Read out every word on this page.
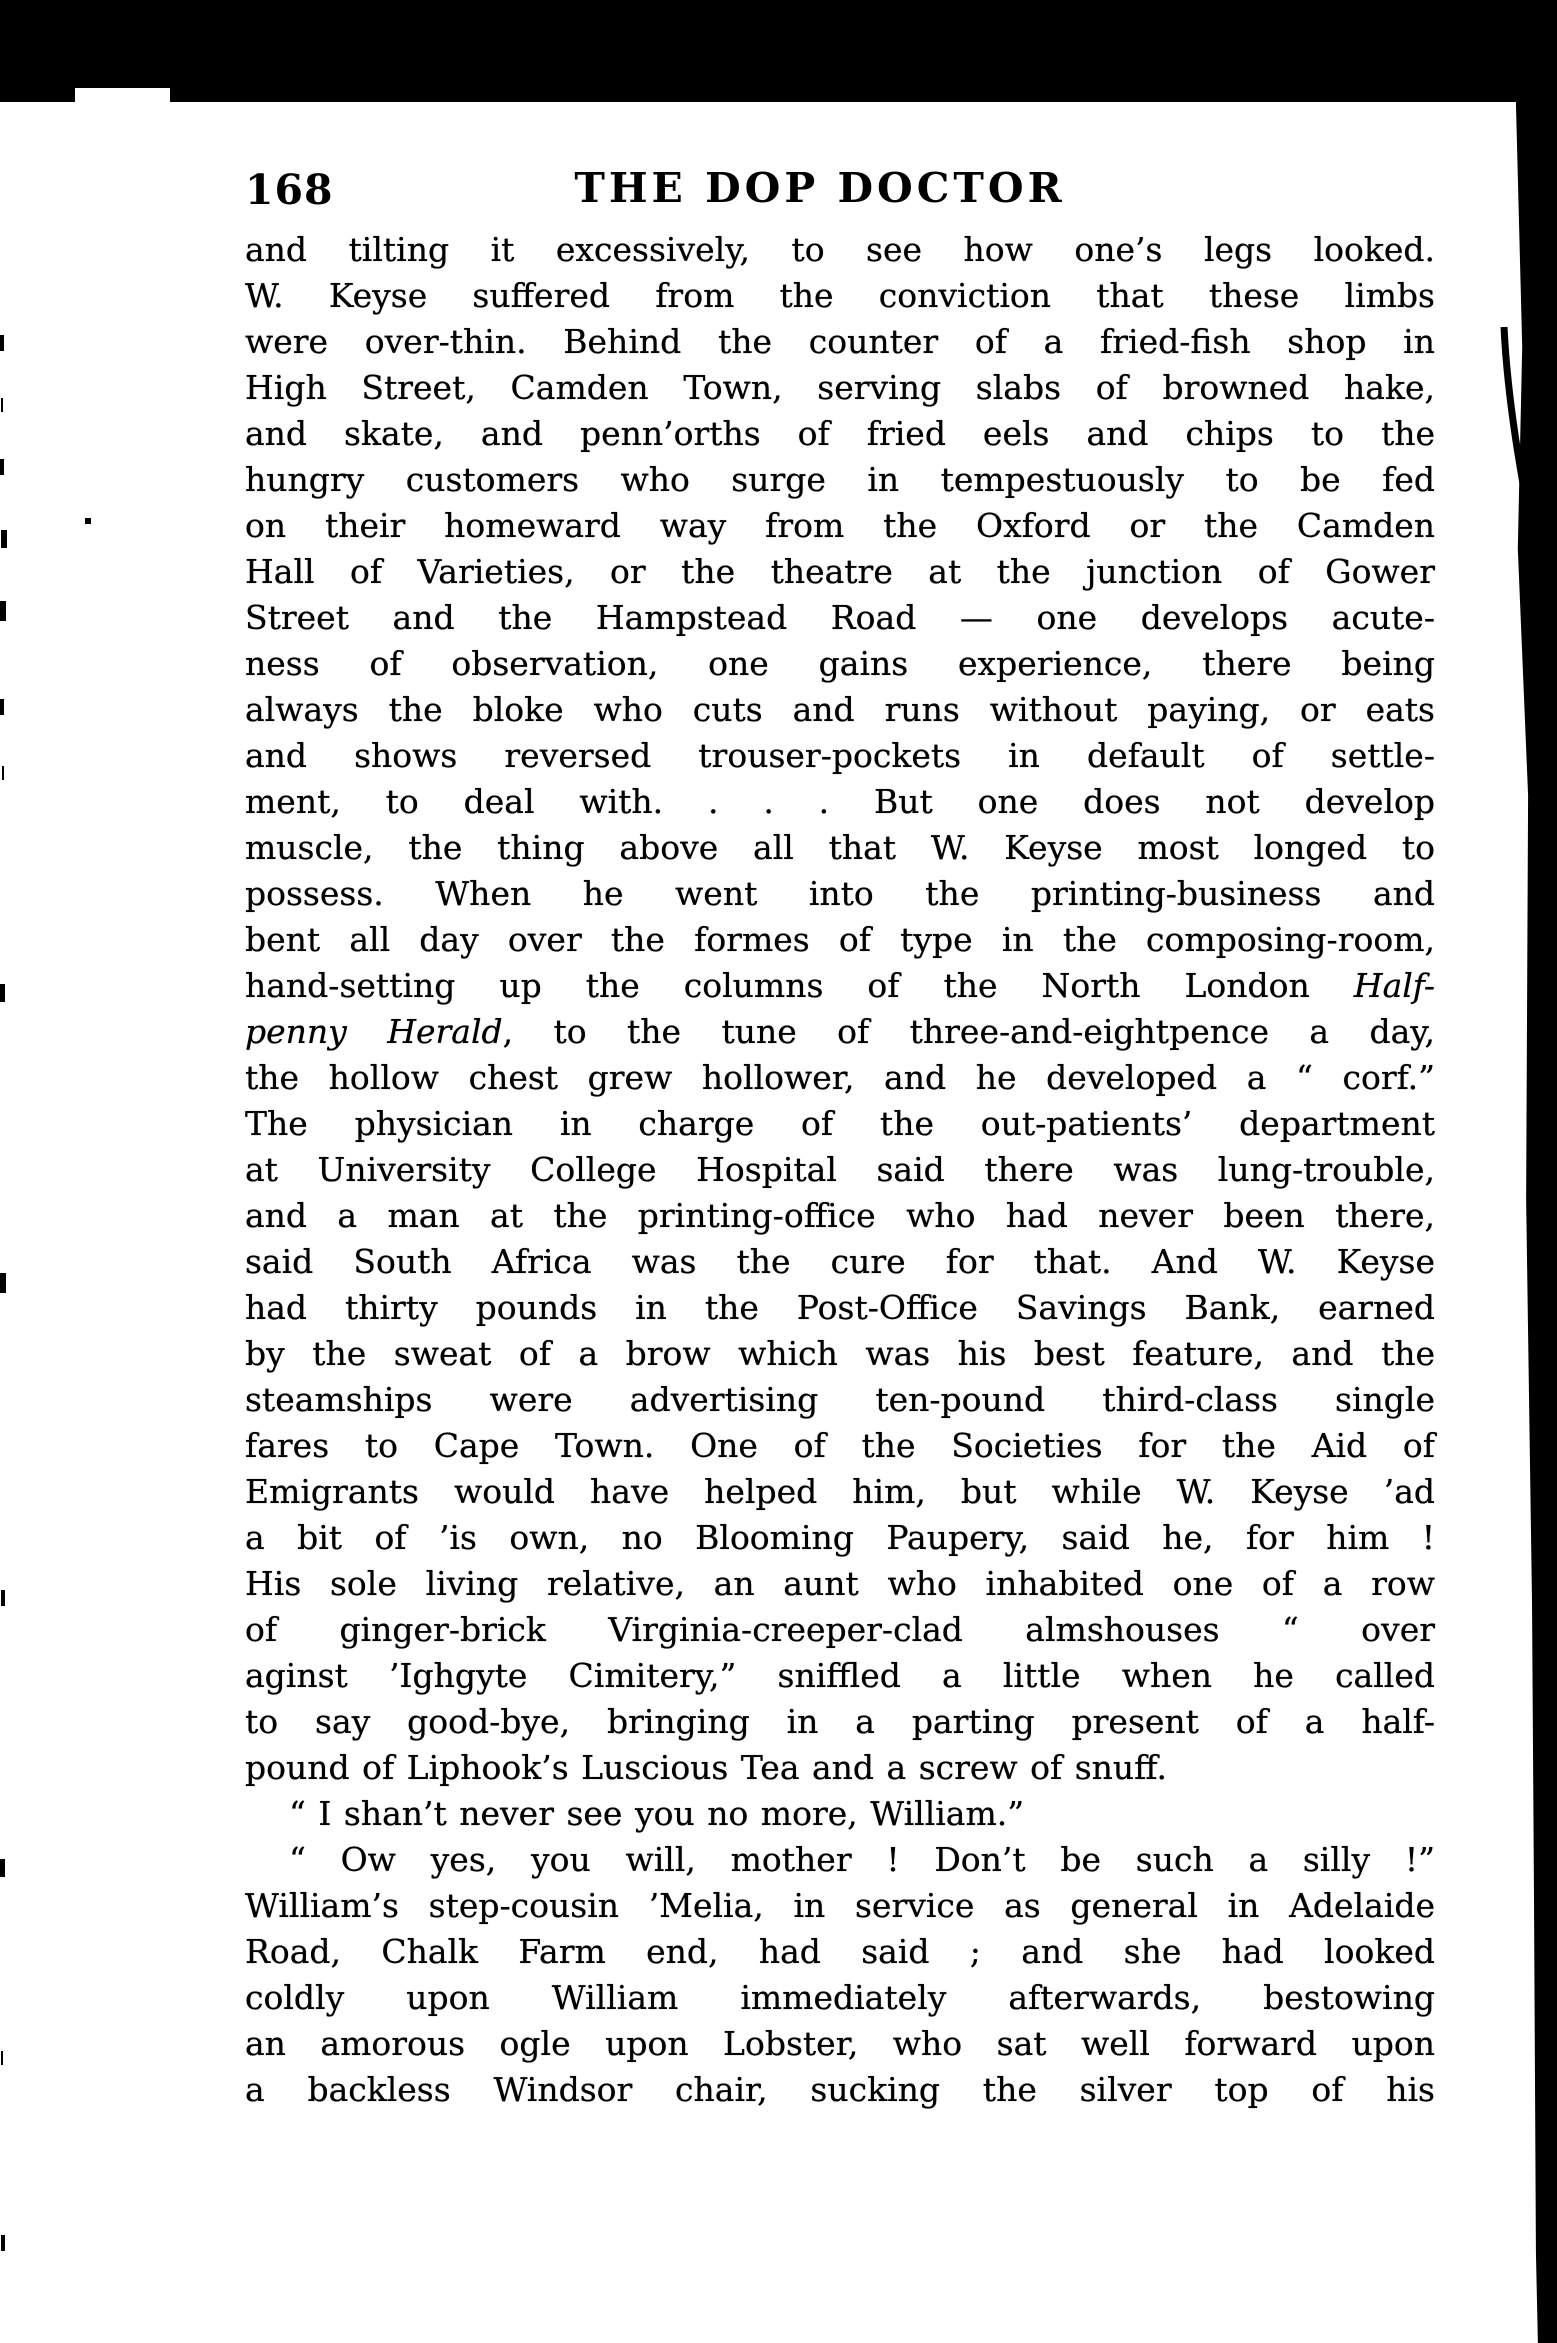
168	THE DOP DOCTOR
and tilting it excessively, to see how one’s legs looked.
W. Keyse suffered from the conviction that these limbs
were over-thin. Behind the counter of a fried-fish shop in
High Street, Camden Town, serving slabs of browned hake,
and skate, and penn’orths of fried eels and chips to the
hungry customers who surge in tempestuously to be fed
on their homeward way from the Oxford or the Camden
Hall of Varieties, or the theatre at the junction of Gower
Street and the Hampstead Road — one develops acute-
ness of observation, one gains experience, there being
always the bloke who cuts and runs without paying, or eats
and shows reversed trouser-pockets in default of settle-
ment, to deal with. . . . But one does not develop
muscle, the thing above all that W. Keyse most longed to
possess. When he went into the printing-business and
bent all day over the formes of type in the composing-room,
hand-setting up the columns of the North London Half-
penny Herald, to the tune of three-and-eightpence a day,
the hollow chest grew hollower, and he developed a “ corf.”
The physician in charge of the out-patients’ department
at University College Hospital said there was lung-trouble,
and a man at the printing-office who had never been there,
said South Africa was the cure for that. And W. Keyse
had thirty pounds in the Post-Office Savings Bank, earned
by the sweat of a brow which was his best feature, and the
steamships were advertising ten-pound third-class single
fares to Cape Town. One of the Societies for the Aid of
Emigrants would have helped him, but while W. Keyse ’ad
a bit of ’is own, no Blooming Paupery, said he, for him !
His sole living relative, an aunt who inhabited one of a row
of ginger-brick Virginia-creeper-clad almshouses “ over
aginst ’Ighgyte Cimitery,” sniffled a little when he called
to say good-bye, bringing in a parting present of a half-
pound of Liphook’s Luscious Tea and a screw of snuff.
“ I shan’t never see you no more, William.”
“ Ow yes, you will, mother ! Don’t be such a silly !”
William’s step-cousin ’Melia, in service as general in Adelaide
Road, Chalk Farm end, had said ; and she had looked
coldly upon William immediately afterwards, bestowing
an amorous ogle upon Lobster, who sat well forward upon
a backless Windsor chair, sucking the silver top of his
